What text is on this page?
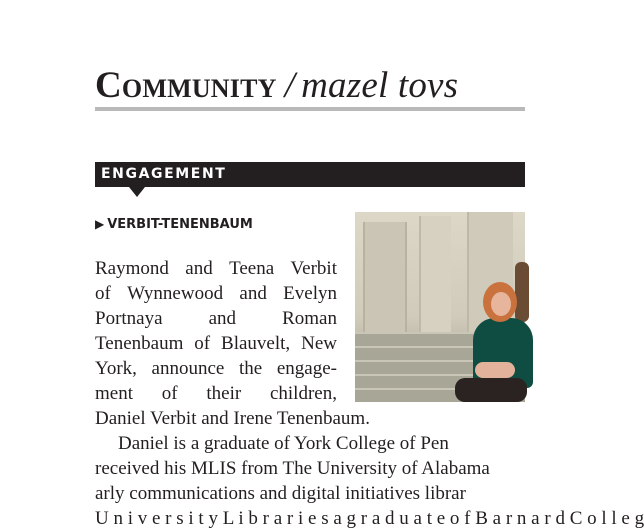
Community / mazel tovs
ENGAGEMENT
▶ VERBIT-TENENBAUM
Raymond and Teena Verbit
of Wynnewood and Evelyn
Portnaya and Roman
Tenenbaum of Blauvelt, New
York, announce the engage-
ment of their children,
Daniel Verbit and Irene Tenenbaum.
Daniel is a graduate of York College of Pen
received his MLIS from The University of Alabama
arly communications and digital initiatives librar
U n i v e r s i t y L i b r a r i e s a g r a d u a t e o f B a r n a r d C o l l e g
